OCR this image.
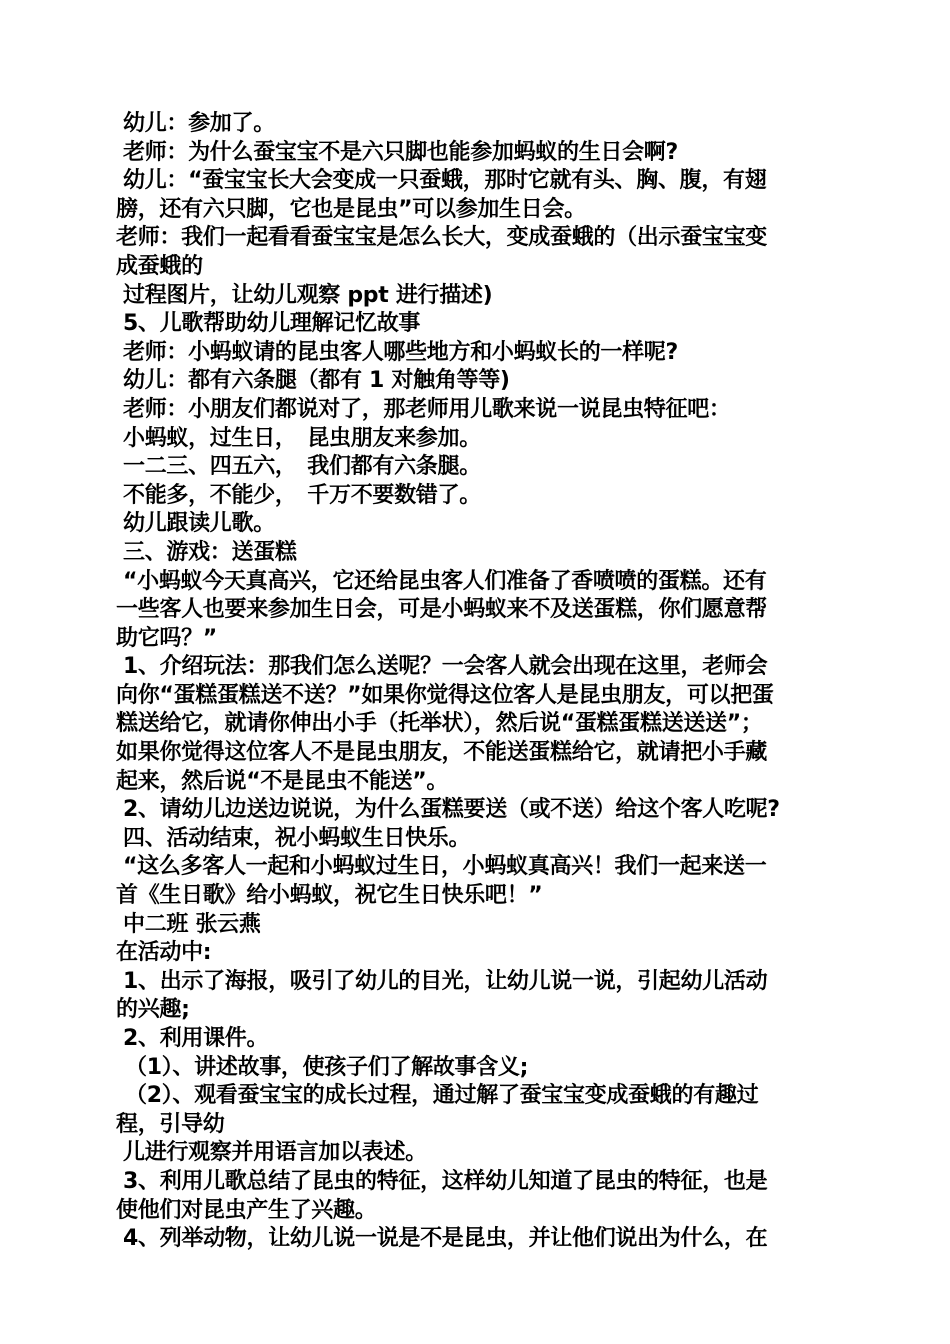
幼儿：参加了。
老师：为什么蚕宝宝不是六只脚也能参加蚂蚁的生日会啊?
幼儿：“蚕宝宝长大会变成一只蚕蛾，那时它就有头、胸、腹，有翅
膀，还有六只脚，它也是昆虫”可以参加生日会。
老师：我们一起看看蚕宝宝是怎么长大，变成蚕蛾的（出示蚕宝宝变
成蚕蛾的
过程图片，让幼儿观察 ppt 进行描述)
5、儿歌帮助幼儿理解记忆故事
老师：小蚂蚁请的昆虫客人哪些地方和小蚂蚁长的一样呢?
幼儿：都有六条腿（都有 1 对触角等等)
老师：小朋友们都说对了，那老师用儿歌来说一说昆虫特征吧：
小蚂蚁，过生日，　昆虫朋友来参加。
一二三、四五六，　我们都有六条腿。
不能多，不能少，　千万不要数错了。
幼儿跟读儿歌。
三、游戏：送蛋糕
“小蚂蚁今天真高兴，它还给昆虫客人们准备了香喷喷的蛋糕。还有
一些客人也要来参加生日会，可是小蚂蚁来不及送蛋糕，你们愿意帮
助它吗？”
1、介绍玩法：那我们怎么送呢？一会客人就会出现在这里，老师会
向你“蛋糕蛋糕送不送？”如果你觉得这位客人是昆虫朋友，可以把蛋
糕送给它，就请你伸出小手（托举状），然后说“蛋糕蛋糕送送送”；
如果你觉得这位客人不是昆虫朋友，不能送蛋糕给它，就请把小手藏
起来，然后说“不是昆虫不能送”。
2、请幼儿边送边说说，为什么蛋糕要送（或不送）给这个客人吃呢?
四、活动结束，祝小蚂蚁生日快乐。
“这么多客人一起和小蚂蚁过生日，小蚂蚁真高兴！我们一起来送一
首《生日歌》给小蚂蚁，祝它生日快乐吧！”
中二班 张云燕
在活动中:
1、出示了海报，吸引了幼儿的目光，让幼儿说一说，引起幼儿活动
的兴趣;
2、利用课件。
（1）、讲述故事，使孩子们了解故事含义;
（2）、观看蚕宝宝的成长过程，通过解了蚕宝宝变成蚕蛾的有趣过
程，引导幼
儿进行观察并用语言加以表述。
3、利用儿歌总结了昆虫的特征，这样幼儿知道了昆虫的特征，也是
使他们对昆虫产生了兴趣。
4、列举动物，让幼儿说一说是不是昆虫，并让他们说出为什么，在
